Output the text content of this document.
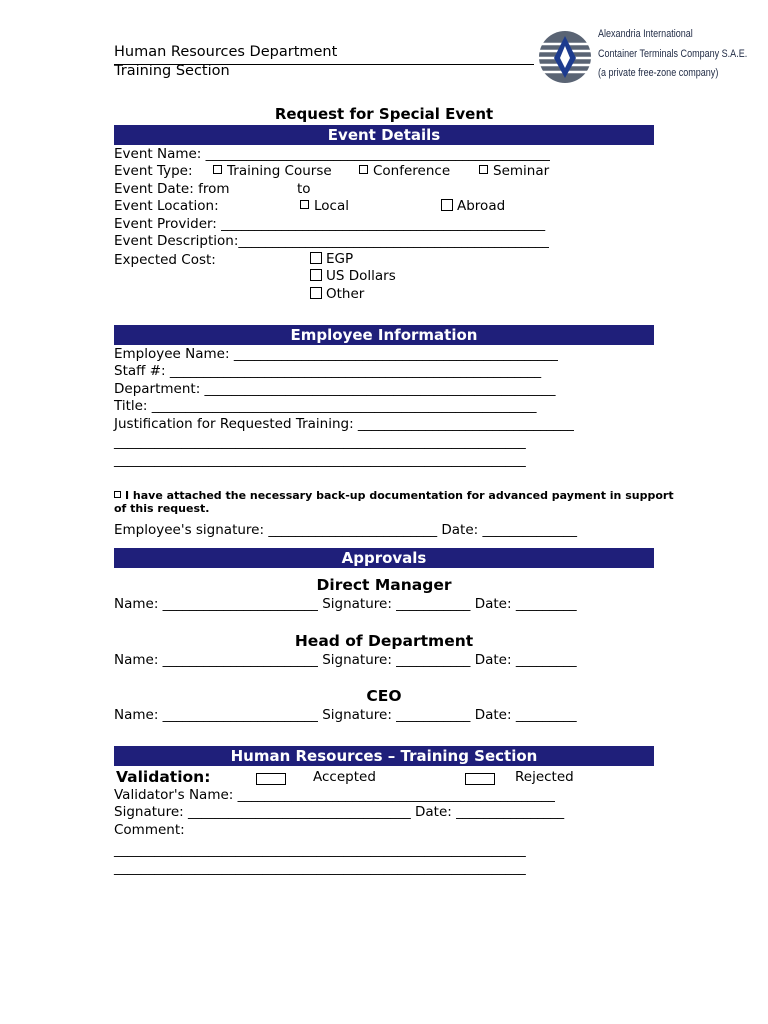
Human Resources Department
Training Section
Alexandria International
Container Terminals Company S.A.E.
(a private free-zone company)
Request for Special Event
Event Details
Event Name: ___________________________________________________
Event Type:	Training Course	Conference	Seminar
Event Date: from	to
Event Location:	Local	Abroad
Event Provider: ________________________________________________
Event Description:______________________________________________
Expected Cost:	EGP
US Dollars
Other
Employee Information
Employee Name: ________________________________________________
Staff #: _______________________________________________________
Department: ____________________________________________________
Title: _________________________________________________________
Justification for Requested Training: ________________________________
_____________________________________________________________
_____________________________________________________________
I have attached the necessary back-up documentation for advanced payment in support
of this request.
Employee's signature: _________________________ Date: ______________
Approvals
Direct Manager
Name: _______________________ Signature: ___________ Date: _________
Head of Department
Name: _______________________ Signature: ___________ Date: _________
CEO
Name: _______________________ Signature: ___________ Date: _________
Human Resources – Training Section
Validation:	Accepted	Rejected
Validator's Name: _______________________________________________
Signature: _________________________________ Date: ________________
Comment:
_____________________________________________________________
_____________________________________________________________
